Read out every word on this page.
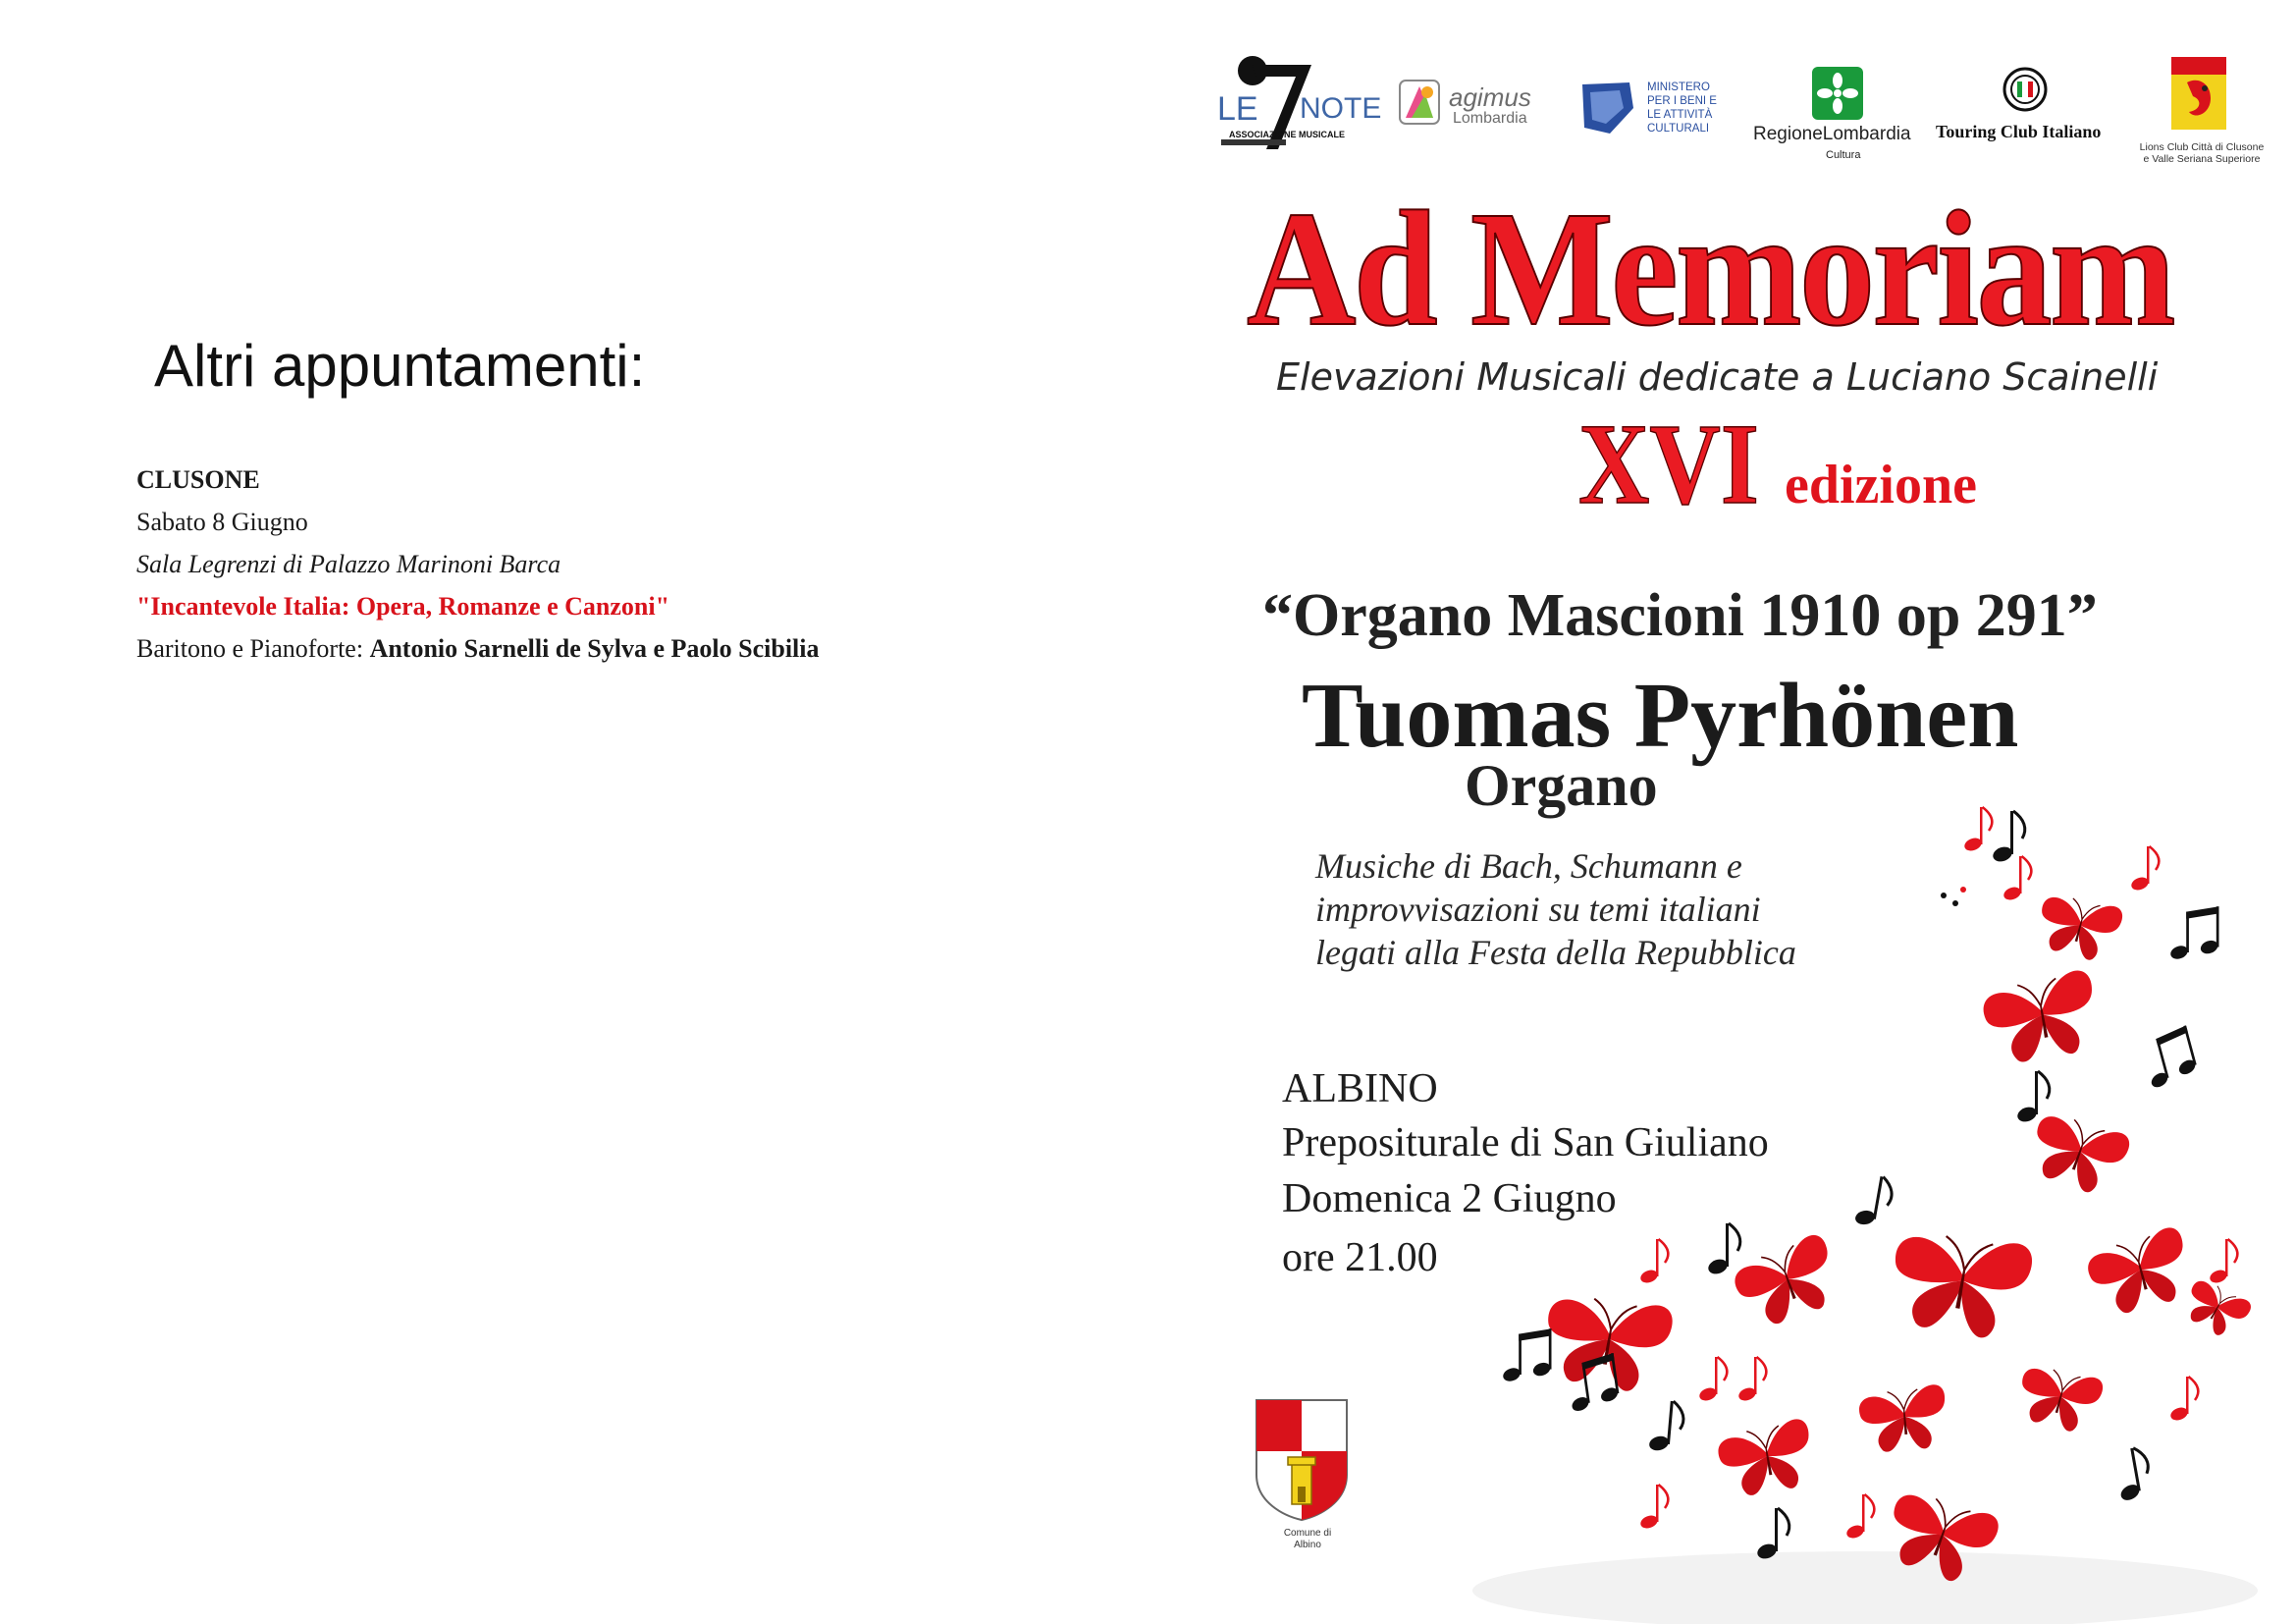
Altri appuntamenti:
CLUSONE
Sabato 8 Giugno
Sala Legrenzi di Palazzo Marinoni Barca
"Incantevole Italia: Opera, Romanze e Canzoni"
Baritono e Pianoforte: Antonio Sarnelli de Sylva e Paolo Scibilia
LE NOTE
ASSOCIAZIONE MUSICALE
agimus
Lombardia	MiBAC
MINISTERO
PER I BENI E
LE ATTIVITÀ
CULTURALI	RegioneLombardia
Cultura
Touring Club Italiano
Lions Club Città di Clusone
e Valle Seriana Superiore
Ad Memoriam
Elevazioni Musicali dedicate a Luciano Scainelli
XVI edizione
“Organo Mascioni 1910 op 291”
Tuomas Pyrhönen
Organo
Musiche di Bach, Schumann e
improvvisazioni su temi italiani
legati alla Festa della Repubblica
ALBINO
Prepositurale di San Giuliano
Domenica 2 Giugno
ore 21.00
Comune di
Albino
